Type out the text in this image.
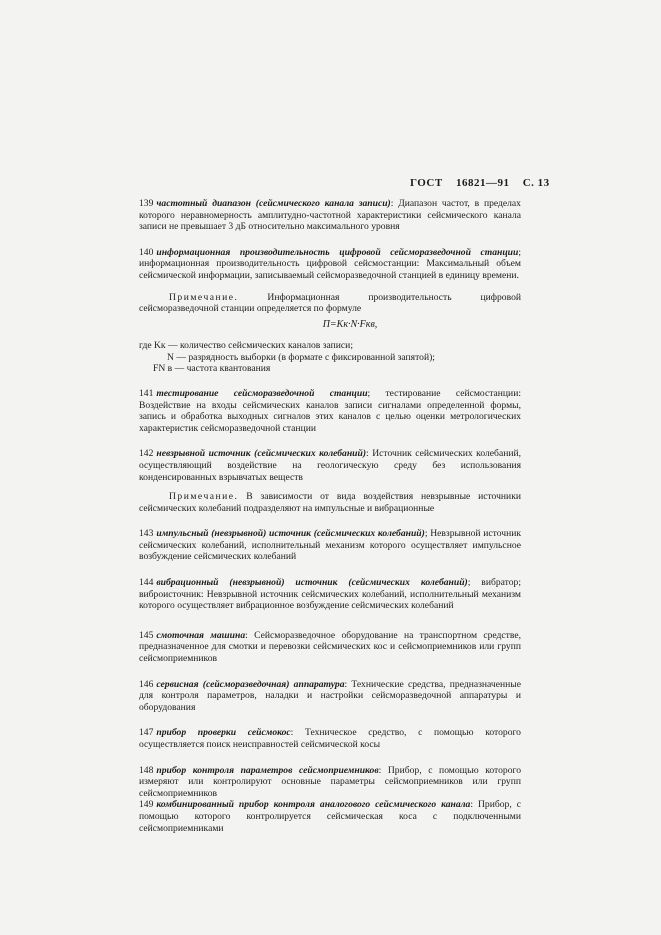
ГОСТ 16821—91 С. 13

139 частотный диапазон (сейсмического канала записи): Диапазон частот, в пределах которого неравномерность амплитудно-частотной характеристики сейсмического канала записи не превышает 3 дБ относительно максимального уровня

140 информационная производительность цифровой сейсморазведочной станции; информационная производительность цифровой сейсмостанции: Максимальный объем сейсмической информации, записываемый сейсморазведочной станцией в единицу времени.

Примечание.	Информационная производительность цифровой сейсморазведочной станции определяется по формуле

П=Kк·N·Fкв,
где Kк — количество сейсмических каналов записи;
N — разрядность выборки (в формате с фиксированной запятой);
FN в — частота квантования

141 тестирование сейсморазведочной станции; тестирование сейсмостанции: Воздействие на входы сейсмических каналов записи сигналами определенной формы, запись и обработка выходных сигналов этих каналов с целью оценки метрологических характеристик сейсморазведочной станции

142 невзрывной источник (сейсмических колебаний): Источник сейсмических колебаний, осуществляющий воздействие на геологическую среду без использования конденсированных взрывчатых веществ

Примечание. В зависимости от вида воздействия невзрывные источники сейсмических колебаний подразделяют на импульсные и вибрационные

143 импульсный (невзрывной) источник (сейсмических колебаний); Невзрывной источник сейсмических колебаний, исполнительный механизм которого осуществляет импульсное возбуждение сейсмических колебаний

144 вибрационный (невзрывной) источник (сейсмических колебаний); вибратор; виброисточник: Невзрывной источник сейсмических колебаний, исполнительный механизм которого осуществляет вибрационное возбуждение сейсмических колебаний

145 смоточная машина: Сейсморазведочное оборудование на транспортном средстве, предназначенное для смотки и перевозки сейсмических кос и сейсмоприемников или групп сейсмоприемников

146 сервисная (сейсморазведочная) аппаратура: Технические средства, предназначенные для контроля параметров, наладки и настройки сейсморазведочной аппаратуры и оборудования

147 прибор проверки сейсмокос: Техническое средство, с помощью которого осуществляется поиск неисправностей сейсмической косы

148 прибор контроля параметров сейсмоприемников: Прибор, с помощью которого измеряют или контролируют основные параметры сейсмоприемников или групп сейсмоприемников

149 комбинированный прибор контроля аналогового сейсмического канала: Прибор, с помощью которого контролируется сейсмическая коса с подключенными сейсмоприемниками
